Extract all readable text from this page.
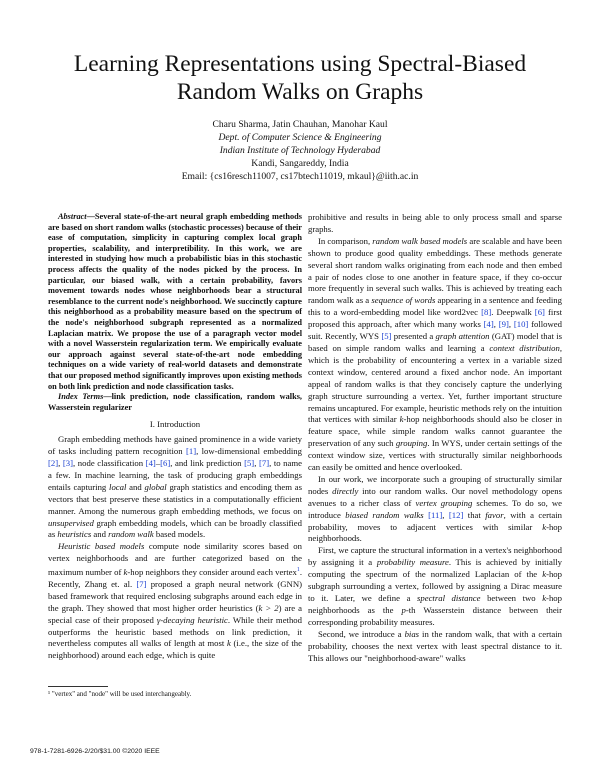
Learning Representations using Spectral-Biased
Random Walks on Graphs
Charu Sharma, Jatin Chauhan, Manohar Kaul
Dept. of Computer Science & Engineering
Indian Institute of Technology Hyderabad
Kandi, Sangareddy, India
Email: {cs16resch11007, cs17btech11019, mkaul}@iith.ac.in

Abstract—Several state-of-the-art neural graph embedding methods are based on short random walks (stochastic processes) because of their ease of computation, simplicity in capturing complex local graph properties, scalability, and interpretibility. In this work, we are interested in studying how much a probabilistic bias in this stochastic process affects the quality of the nodes picked by the process. In particular, our biased walk, with a certain probability, favors movement towards nodes whose neighborhoods bear a structural resemblance to the current node's neighborhood. We succinctly capture this neighborhood as a probability measure based on the spectrum of the node's neighborhood subgraph represented as a normalized Laplacian matrix. We propose the use of a paragraph vector model with a novel Wasserstein regularization term. We empirically evaluate our approach against several state-of-the-art node embedding techniques on a wide variety of real-world datasets and demonstrate that our proposed method significantly improves upon existing methods on both link prediction and node classification tasks.

Index Terms—link prediction, node classification, random walks, Wasserstein regularizer

I. Introduction

Graph embedding methods have gained prominence in a wide variety of tasks including pattern recognition [1], low-dimensional embedding [2], [3], node classification [4]–[6], and link prediction [5], [7], to name a few. In machine learning, the task of producing graph embeddings entails capturing local and global graph statistics and encoding them as vectors that best preserve these statistics in a computationally efficient manner. Among the numerous graph embedding methods, we focus on unsupervised graph embedding models, which can be broadly classified as heuristics and random walk based models.

Heuristic based models compute node similarity scores based on vertex neighborhoods and are further categorized based on the maximum number of k-hop neighbors they consider around each vertex$^1$. Recently, Zhang et. al. [7] proposed a graph neural network (GNN) based framework that required enclosing subgraphs around each edge in the graph. They showed that most higher order heuristics (k > 2) are a special case of their proposed γ-decaying heuristic. While their method outperforms the heuristic based methods on link prediction, it nevertheless computes all walks of length at most k (i.e., the size of the neighborhood) around each edge, which is quite

¹ "vertex" and "node" will be used interchangeably.
978-1-7281-6926-2/20/$31.00 ©2020 IEEE

prohibitive and results in being able to only process small and sparse graphs.

In comparison, random walk based models are scalable and have been shown to produce good quality embeddings. These methods generate several short random walks originating from each node and then embed a pair of nodes close to one another in feature space, if they co-occur more frequently in several such walks. This is achieved by treating each random walk as a sequence of words appearing in a sentence and feeding this to a word-embedding model like word2vec [8]. Deepwalk [6] first proposed this approach, after which many works [4], [9], [10] followed suit. Recently, WYS [5] presented a graph attention (GAT) model that is based on simple random walks and learning a context distribution, which is the probability of encountering a vertex in a variable sized context window, centered around a fixed anchor node. An important appeal of random walks is that they concisely capture the underlying graph structure surrounding a vertex. Yet, further important structure remains uncaptured. For example, heuristic methods rely on the intuition that vertices with similar k-hop neighborhoods should also be closer in feature space, while simple random walks cannot guarantee the preservation of any such grouping. In WYS, under certain settings of the context window size, vertices with structurally similar neighborhoods can easily be omitted and hence overlooked.

In our work, we incorporate such a grouping of structurally similar nodes directly into our random walks. Our novel methodology opens avenues to a richer class of vertex grouping schemes. To do so, we introduce biased random walks [11], [12] that favor, with a certain probability, moves to adjacent vertices with similar k-hop neighborhoods.

First, we capture the structural information in a vertex's neighborhood by assigning it a probability measure. This is achieved by initially computing the spectrum of the normalized Laplacian of the k-hop subgraph surrounding a vertex, followed by assigning a Dirac measure to it. Later, we define a spectral distance between two k-hop neighborhoods as the p-th Wasserstein distance between their corresponding probability measures.

Second, we introduce a bias in the random walk, that with a certain probability, chooses the next vertex with least spectral distance to it. This allows our "neighborhood-aware" walks
